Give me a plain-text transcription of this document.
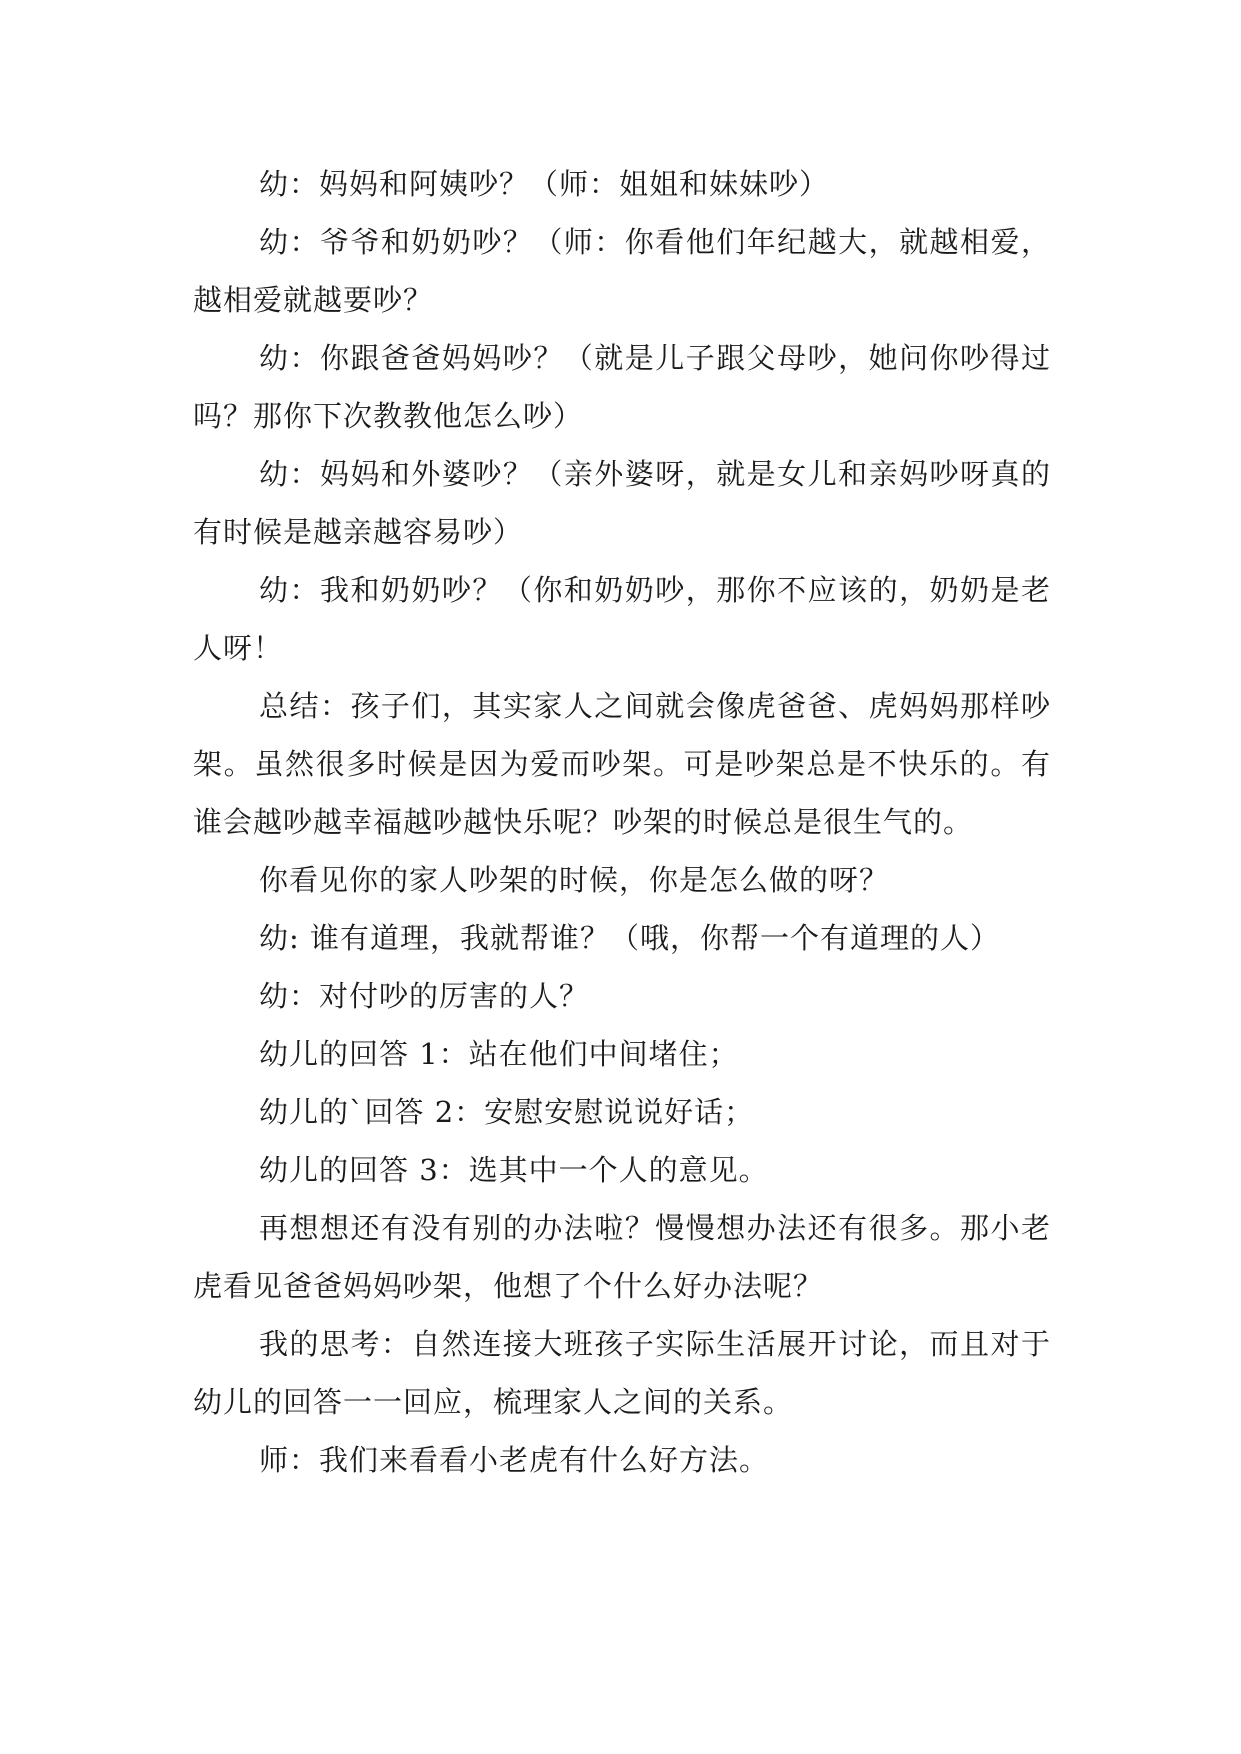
幼：妈妈和阿姨吵？（师：姐姐和妹妹吵）

幼：爷爷和奶奶吵？（师：你看他们年纪越大，就越相爱，越相爱就越要吵？

幼：你跟爸爸妈妈吵？（就是儿子跟父母吵，她问你吵得过吗？那你下次教教他怎么吵）

幼：妈妈和外婆吵？（亲外婆呀，就是女儿和亲妈吵呀真的有时候是越亲越容易吵）

幼：我和奶奶吵？（你和奶奶吵，那你不应该的，奶奶是老人呀！

总结：孩子们，其实家人之间就会像虎爸爸、虎妈妈那样吵架。虽然很多时候是因为爱而吵架。可是吵架总是不快乐的。有谁会越吵越幸福越吵越快乐呢？吵架的时候总是很生气的。

你看见你的家人吵架的时候，你是怎么做的呀？

幼: 谁有道理，我就帮谁？（哦，你帮一个有道理的人）

幼：对付吵的厉害的人？

幼儿的回答 1：站在他们中间堵住；

幼儿的`回答 2：安慰安慰说说好话；

幼儿的回答 3：选其中一个人的意见。

再想想还有没有别的办法啦？慢慢想办法还有很多。那小老虎看见爸爸妈妈吵架，他想了个什么好办法呢？

我的思考：自然连接大班孩子实际生活展开讨论，而且对于幼儿的回答一一回应，梳理家人之间的关系。

师：我们来看看小老虎有什么好方法。
